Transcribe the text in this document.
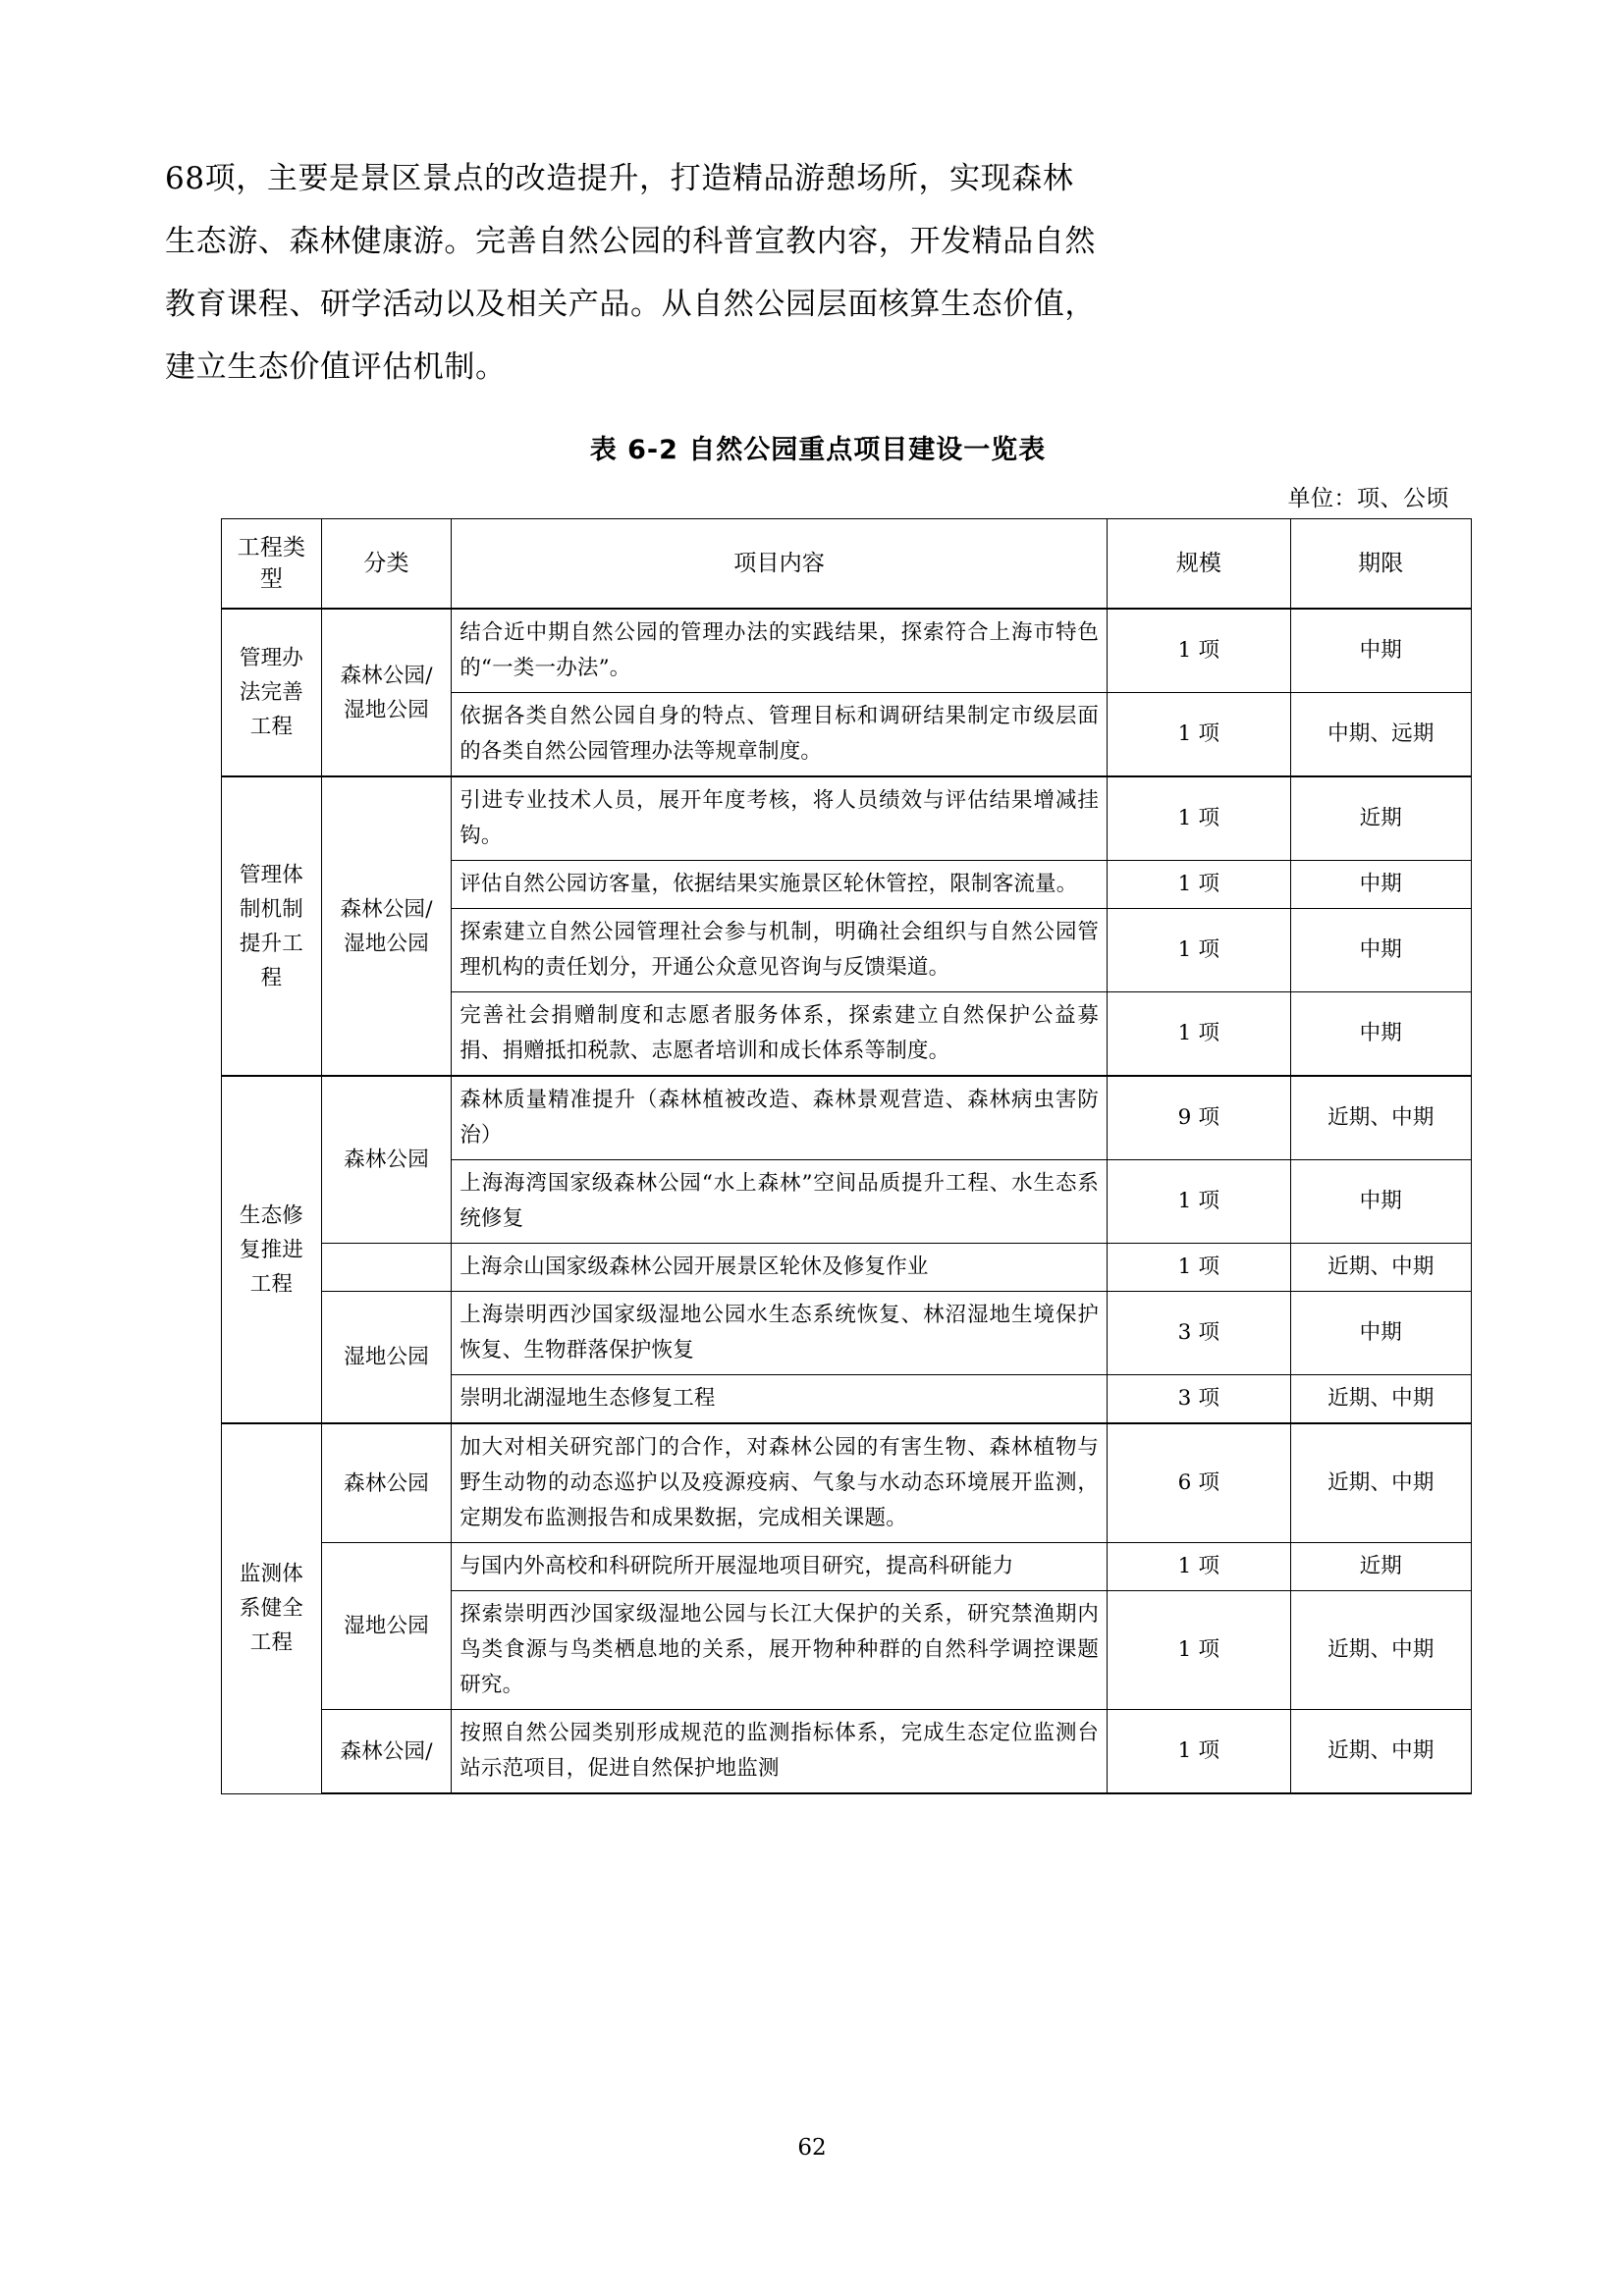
68项，主要是景区景点的改造提升，打造精品游憩场所，实现森林
生态游、森林健康游。完善自然公园的科普宣教内容，开发精品自然
教育课程、研学活动以及相关产品。从自然公园层面核算生态价值，
建立生态价值评估机制。

表 6-2 自然公园重点项目建设一览表
单位：项、公顷
工程类型	分类	项目内容	规模	期限
管理办法完善工程	森林公园/湿地公园	结合近中期自然公园的管理办法的实践结果，探索符合上海市特色的“一类一办法”。	1 项	中期
		依据各类自然公园自身的特点、管理目标和调研结果制定市级层面的各类自然公园管理办法等规章制度。	1 项	中期、远期
管理体制机制提升工程	森林公园/湿地公园	引进专业技术人员，展开年度考核，将人员绩效与评估结果增减挂钩。	1 项	近期
		评估自然公园访客量，依据结果实施景区轮休管控，限制客流量。	1 项	中期
		探索建立自然公园管理社会参与机制，明确社会组织与自然公园管理机构的责任划分，开通公众意见咨询与反馈渠道。	1 项	中期
		完善社会捐赠制度和志愿者服务体系，探索建立自然保护公益募捐、捐赠抵扣税款、志愿者培训和成长体系等制度。	1 项	中期
生态修复推进工程	森林公园	森林质量精准提升（森林植被改造、森林景观营造、森林病虫害防治）	9 项	近期、中期
		上海海湾国家级森林公园“水上森林”空间品质提升工程、水生态系统修复	1 项	中期
		上海佘山国家级森林公园开展景区轮休及修复作业	1 项	近期、中期
	湿地公园	上海崇明西沙国家级湿地公园水生态系统恢复、林沼湿地生境保护恢复、生物群落保护恢复	3 项	中期
		崇明北湖湿地生态修复工程	3 项	近期、中期
监测体系健全工程	森林公园	加大对相关研究部门的合作，对森林公园的有害生物、森林植物与野生动物的动态巡护以及疫源疫病、气象与水动态环境展开监测，定期发布监测报告和成果数据，完成相关课题。	6 项	近期、中期
	湿地公园	与国内外高校和科研院所开展湿地项目研究，提高科研能力	1 项	近期
		探索崇明西沙国家级湿地公园与长江大保护的关系，研究禁渔期内鸟类食源与鸟类栖息地的关系，展开物种种群的自然科学调控课题研究。	1 项	近期、中期
	森林公园/	按照自然公园类别形成规范的监测指标体系，完成生态定位监测台站示范项目，促进自然保护地监测	1 项	近期、中期
62
